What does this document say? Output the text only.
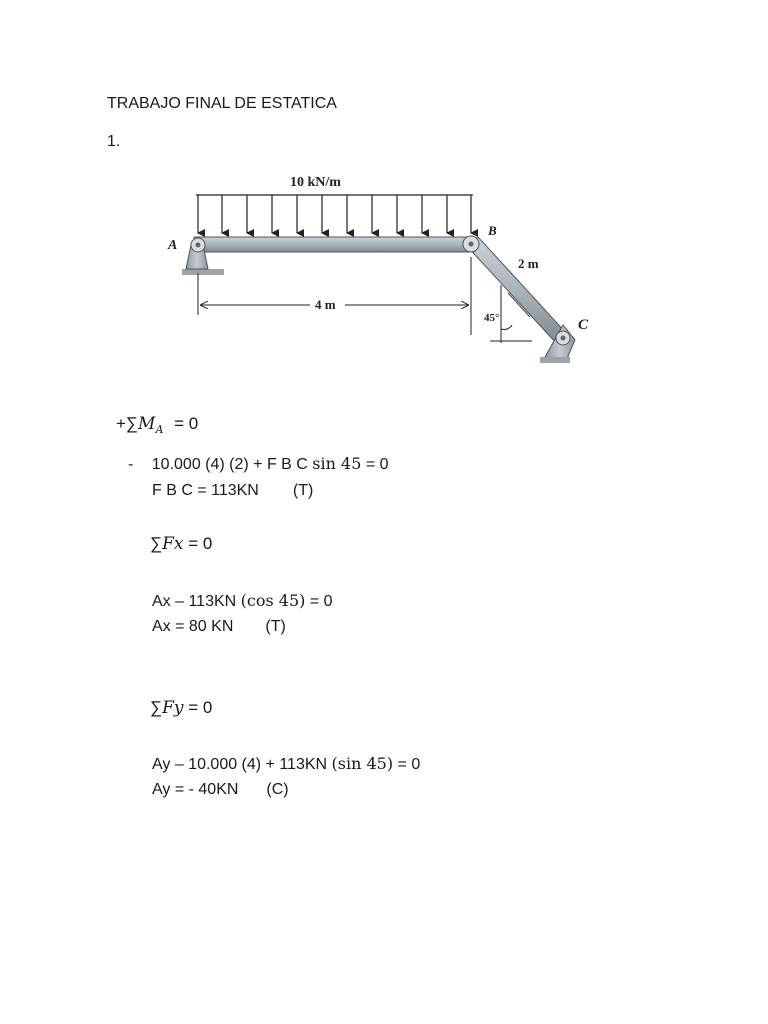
TRABAJO FINAL DE ESTATICA
1.
10 kN/m
A
B
C
2 m
4 m
45°
$+\sum M_A = 0$
- 10.000 (4) (2) + F B C sin 45 = 0
F B C = 113KN (T)
∑Fx = 0
Ax – 113KN (cos 45) = 0
Ax = 80 KN (T)
∑Fy = 0
Ay – 10.000 (4) + 113KN (sin 45) = 0
Ay = - 40KN (C)
